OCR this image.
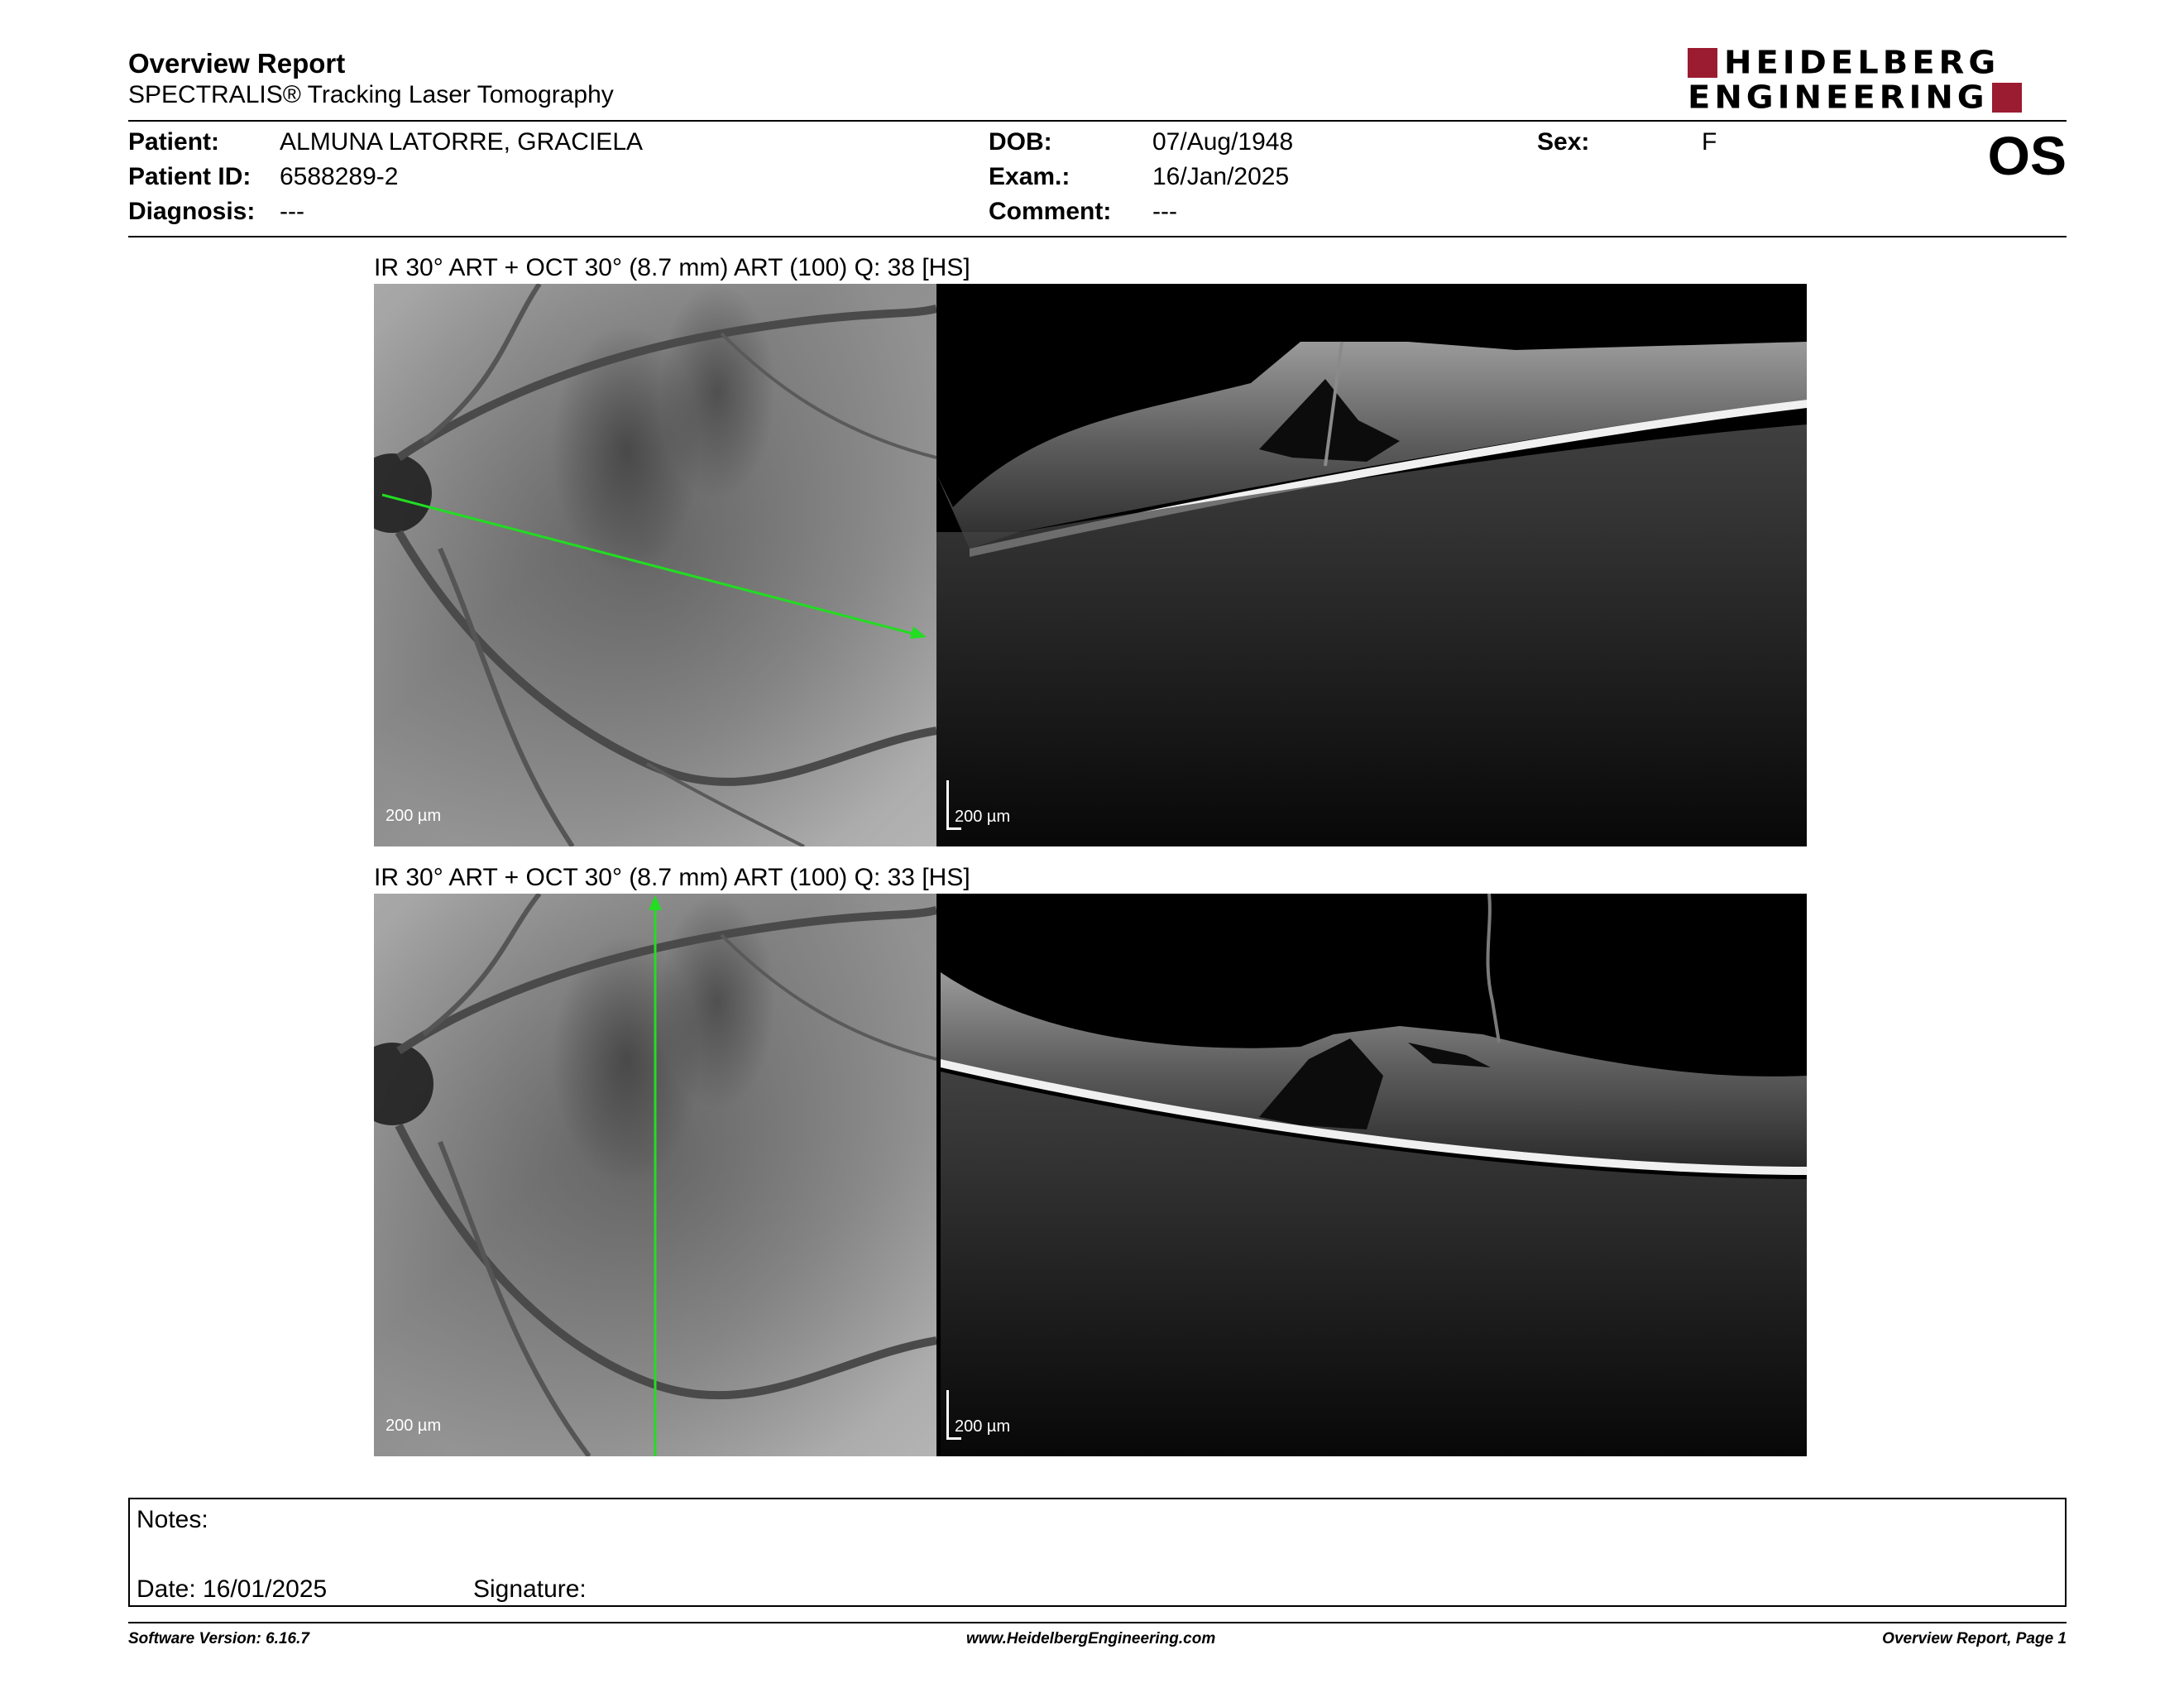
Overview Report
SPECTRALIS® Tracking Laser Tomography
HEIDELBERG
ENGINEERING
Patient: ALMUNA LATORRE, GRACIELA
Patient ID: 6588289-2
Diagnosis: ---
DOB:	07/Aug/1948
Exam.:	16/Jan/2025
Comment: ---
Sex:	F	OS
IR 30° ART + OCT 30° (8.7 mm) ART (100) Q: 38 [HS]
200 µm	200 µm
IR 30° ART + OCT 30° (8.7 mm) ART (100) Q: 33 [HS]
200 µm	200 µm
Notes:
Date: 16/01/2025	Signature:
Software Version: 6.16.7	www.HeidelbergEngineering.com	Overview Report, Page 1
